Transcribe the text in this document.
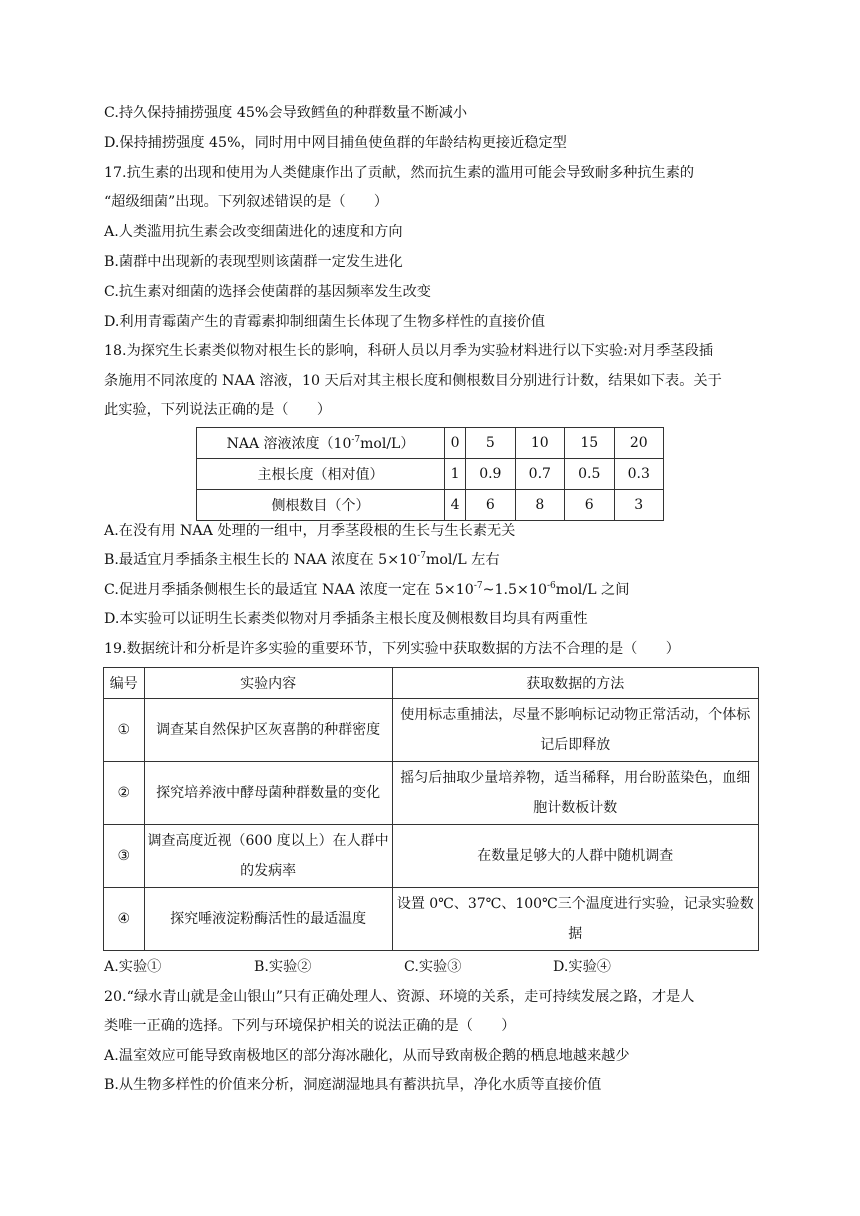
C.持久保持捕捞强度 45%会导致鳕鱼的种群数量不断减小
D.保持捕捞强度 45%，同时用中网目捕鱼使鱼群的年龄结构更接近稳定型
17.抗生素的出现和使用为人类健康作出了贡献，然而抗生素的滥用可能会导致耐多种抗生素的
“超级细菌”出现。下列叙述错误的是（　　）
A.人类滥用抗生素会改变细菌进化的速度和方向
B.菌群中出现新的表现型则该菌群一定发生进化
C.抗生素对细菌的选择会使菌群的基因频率发生改变
D.利用青霉菌产生的青霉素抑制细菌生长体现了生物多样性的直接价值
18.为探究生长素类似物对根生长的影响，科研人员以月季为实验材料进行以下实验:对月季茎段插
条施用不同浓度的 NAA 溶液，10 天后对其主根长度和侧根数目分别进行计数，结果如下表。关于
此实验，下列说法正确的是（　　）
NAA 溶液浓度$(10^{-7}mol/L)$	0	5	10	15	20
主根长度（相对值）	1	0.9	0.7	0.5	0.3
侧根数目（个）	4	6	8	6	3
A.在没有用 NAA 处理的一组中，月季茎段根的生长与生长素无关
B.最适宜月季插条主根生长的 NAA 浓度在 $5\times 10^{-7}mol/L$ 左右
C.促进月季插条侧根生长的最适宜 NAA 浓度一定在 $5\times 10^{-7}\sim 1.5\times 10^{-6}mol/L$ 之间
D.本实验可以证明生长素类似物对月季插条主根长度及侧根数目均具有两重性
19.数据统计和分析是许多实验的重要环节，下列实验中获取数据的方法不合理的是（　　）
编号	实验内容	获取数据的方法
①	调查某自然保护区灰喜鹊的种群密度	使用标志重捕法，尽量不影响标记动物正常活动，个体标记后即释放
②	探究培养液中酵母菌种群数量的变化	摇匀后抽取少量培养物，适当稀释，用台盼蓝染色，血细胞计数板计数
③	调查高度近视（600 度以上）在人群中的发病率	在数量足够大的人群中随机调查
④	探究唾液淀粉酶活性的最适温度	设置 0℃、37℃、100℃三个温度进行实验，记录实验数据
A.实验①	B.实验②	C.实验③	D.实验④
20.“绿水青山就是金山银山”只有正确处理人、资源、环境的关系，走可持续发展之路，才是人
类唯一正确的选择。下列与环境保护相关的说法正确的是（　　）
A.温室效应可能导致南极地区的部分海冰融化，从而导致南极企鹅的栖息地越来越少
B.从生物多样性的价值来分析，洞庭湖湿地具有蓄洪抗旱，净化水质等直接价值
